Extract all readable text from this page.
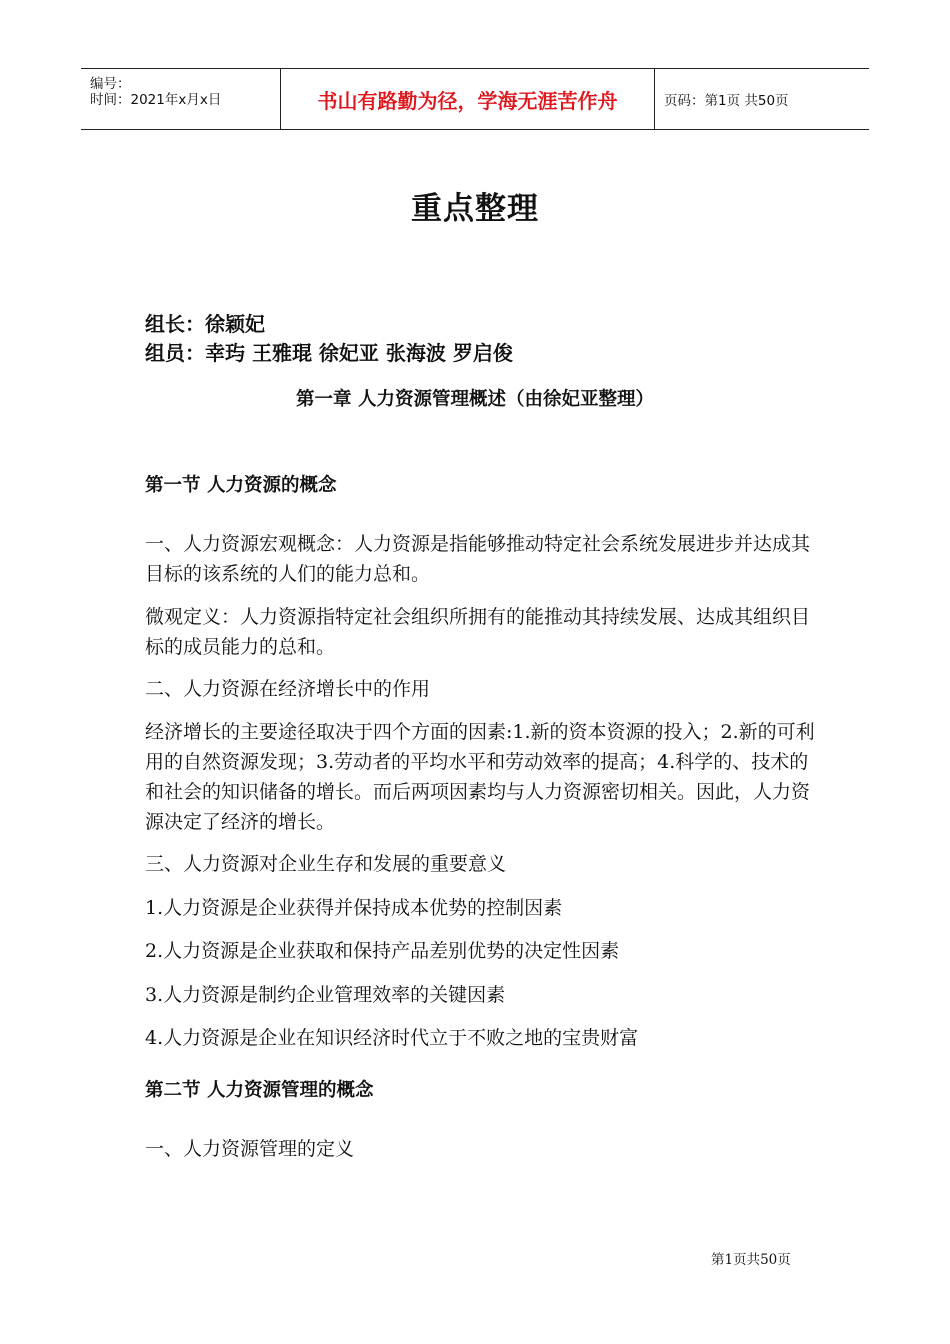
编号：
时间：2021年x月x日	书山有路勤为径，学海无涯苦作舟	页码：第1页 共50页
重点整理
组长：徐颖妃
组员：幸玙 王雅琨 徐妃亚 张海波 罗启俊
第一章 人力资源管理概述（由徐妃亚整理）
第一节 人力资源的概念
一、人力资源宏观概念：人力资源是指能够推动特定社会系统发展进步并达成其目标的该系统的人们的能力总和。
微观定义：人力资源指特定社会组织所拥有的能推动其持续发展、达成其组织目标的成员能力的总和。
二、人力资源在经济增长中的作用
经济增长的主要途径取决于四个方面的因素:1.新的资本资源的投入；2.新的可利用的自然资源发现；3.劳动者的平均水平和劳动效率的提高；4.科学的、技术的和社会的知识储备的增长。而后两项因素均与人力资源密切相关。因此，人力资源决定了经济的增长。
三、人力资源对企业生存和发展的重要意义
1.人力资源是企业获得并保持成本优势的控制因素
2.人力资源是企业获取和保持产品差别优势的决定性因素
3.人力资源是制约企业管理效率的关键因素
4.人力资源是企业在知识经济时代立于不败之地的宝贵财富
第二节 人力资源管理的概念
一、人力资源管理的定义
第1页共50页
